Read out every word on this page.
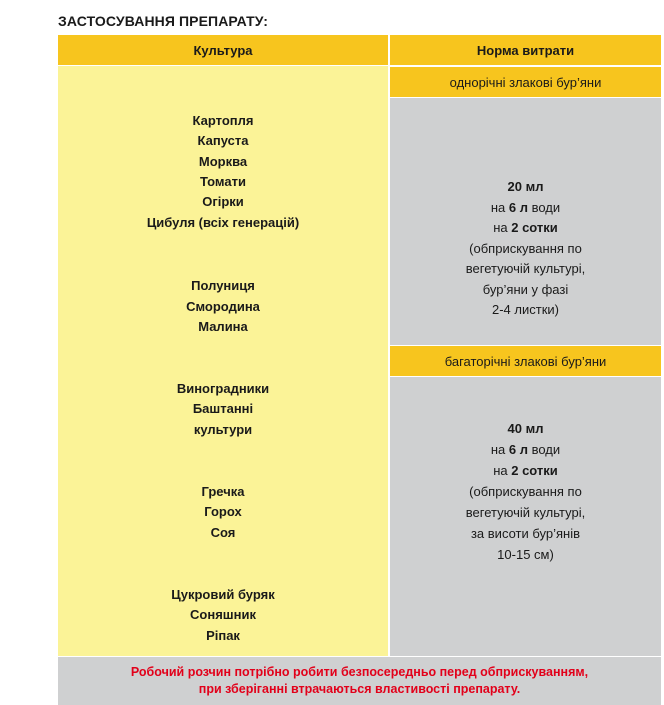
ЗАСТОСУВАННЯ ПРЕПАРАТУ:
Культура	Норма витрати
Картопля
Капуста
Морква
Томати
Огірки
Цибуля (всіх генерацій)
Полуниця
Смородина
Малина
Виноградники
Баштанні
культури
Гречка
Горох
Соя
Цукровий буряк
Соняшник
Ріпак
однорічні злакові бур’яни
20 мл
на 6 л води
на 2 сотки
(обприскування по
вегетуючій культурі,
бур’яни у фазі
2-4 листки)
багаторічні злакові бур’яни
40 мл
на 6 л води
на 2 сотки
(обприскування по
вегетуючій культурі,
за висоти бур’янів
10-15 см)
Робочий розчин потрібно робити безпосередньо перед обприскуванням,
при зберіганні втрачаються властивості препарату.
